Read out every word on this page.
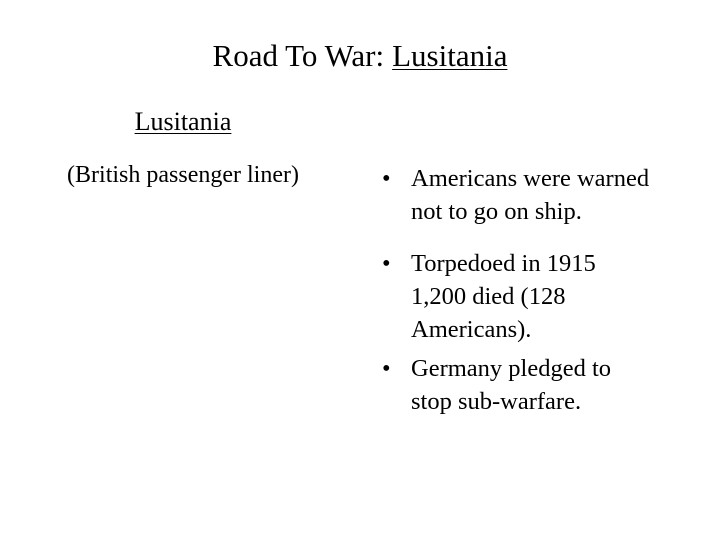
Road To War: Lusitania
Lusitania
(British passenger liner)	• Americans were warned
not to go on ship.
• Torpedoed in 1915
1,200 died (128
Americans).
• Germany pledged to
stop sub-warfare.
